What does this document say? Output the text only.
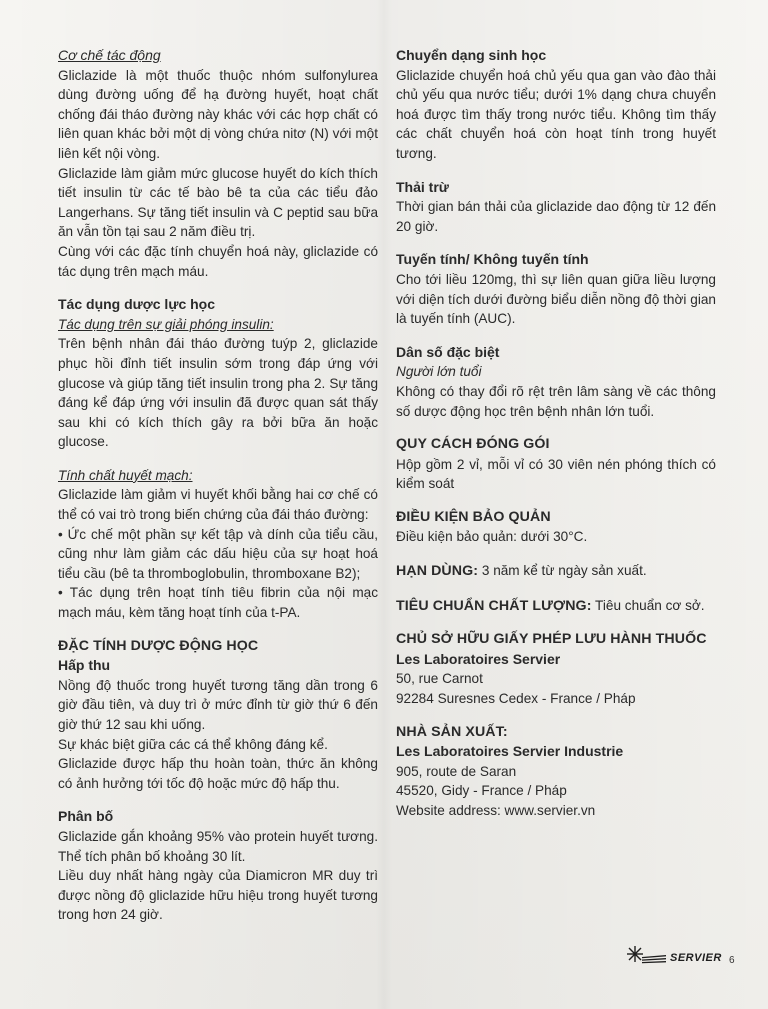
Cơ chế tác động

Gliclazide là một thuốc thuộc nhóm sulfonylurea dùng đường uống để hạ đường huyết, hoạt chất chống đái tháo đường này khác với các hợp chất có liên quan khác bởi một dị vòng chứa nitơ (N) với một liên kết nội vòng.

Gliclazide làm giảm mức glucose huyết do kích thích tiết insulin từ các tế bào bê ta của các tiểu đảo Langerhans. Sự tăng tiết insulin và C peptid sau bữa ăn vẫn tồn tại sau 2 năm điều trị.

Cùng với các đặc tính chuyển hoá này, gliclazide có tác dụng trên mạch máu.

Tác dụng dược lực học

Tác dụng trên sự giải phóng insulin:

Trên bệnh nhân đái tháo đường tuýp 2, gliclazide phục hồi đỉnh tiết insulin sớm trong đáp ứng với glucose và giúp tăng tiết insulin trong pha 2. Sự tăng đáng kể đáp ứng với insulin đã được quan sát thấy sau khi có kích thích gây ra bởi bữa ăn hoặc glucose.

Tính chất huyết mạch:

Gliclazide làm giảm vi huyết khối bằng hai cơ chế có thể có vai trò trong biến chứng của đái tháo đường:

• Ức chế một phần sự kết tập và dính của tiểu cầu, cũng như làm giảm các dấu hiệu của sự hoạt hoá tiểu cầu (bê ta thromboglobulin, thromboxane B2);

• Tác dụng trên hoạt tính tiêu fibrin của nội mạc mạch máu, kèm tăng hoạt tính của t-PA.

ĐẶC TÍNH DƯỢC ĐỘNG HỌC

Hấp thu

Nồng độ thuốc trong huyết tương tăng dần trong 6 giờ đầu tiên, và duy trì ở mức đỉnh từ giờ thứ 6 đến giờ thứ 12 sau khi uống.

Sự khác biệt giữa các cá thể không đáng kể.

Gliclazide được hấp thu hoàn toàn, thức ăn không có ảnh hưởng tới tốc độ hoặc mức độ hấp thu.

Phân bố

Gliclazide gắn khoảng 95% vào protein huyết tương. Thể tích phân bố khoảng 30 lít.

Liều duy nhất hàng ngày của Diamicron MR duy trì được nồng độ gliclazide hữu hiệu trong huyết tương trong hơn 24 giờ.

Chuyển dạng sinh học

Gliclazide chuyển hoá chủ yếu qua gan vào đào thải chủ yếu qua nước tiểu; dưới 1% dạng chưa chuyển hoá được tìm thấy trong nước tiểu. Không tìm thấy các chất chuyển hoá còn hoạt tính trong huyết tương.

Thải trừ

Thời gian bán thải của gliclazide dao động từ 12 đến 20 giờ.

Tuyến tính/ Không tuyến tính

Cho tới liều 120mg, thì sự liên quan giữa liều lượng với diện tích dưới đường biểu diễn nồng độ thời gian là tuyến tính (AUC).

Dân số đặc biệt

Người lớn tuổi

Không có thay đổi rõ rệt trên lâm sàng về các thông số dược động học trên bệnh nhân lớn tuổi.

QUY CÁCH ĐÓNG GÓI

Hộp gồm 2 vỉ, mỗi vỉ có 30 viên nén phóng thích có kiểm soát

ĐIỀU KIỆN BẢO QUẢN

Điều kiện bảo quản: dưới 30°C.

HẠN DÙNG: 3 năm kể từ ngày sản xuất.

TIÊU CHUẨN CHẤT LƯỢNG: Tiêu chuẩn cơ sở.

CHỦ SỞ HỮU GIẤY PHÉP LƯU HÀNH THUỐC

Les Laboratoires Servier

50, rue Carnot

92284 Suresnes Cedex - France / Pháp

NHÀ SẢN XUẤT:

Les Laboratoires Servier Industrie

905, route de Saran

45520, Gidy - France / Pháp

Website address: www.servier.vn

SERVIER 6
